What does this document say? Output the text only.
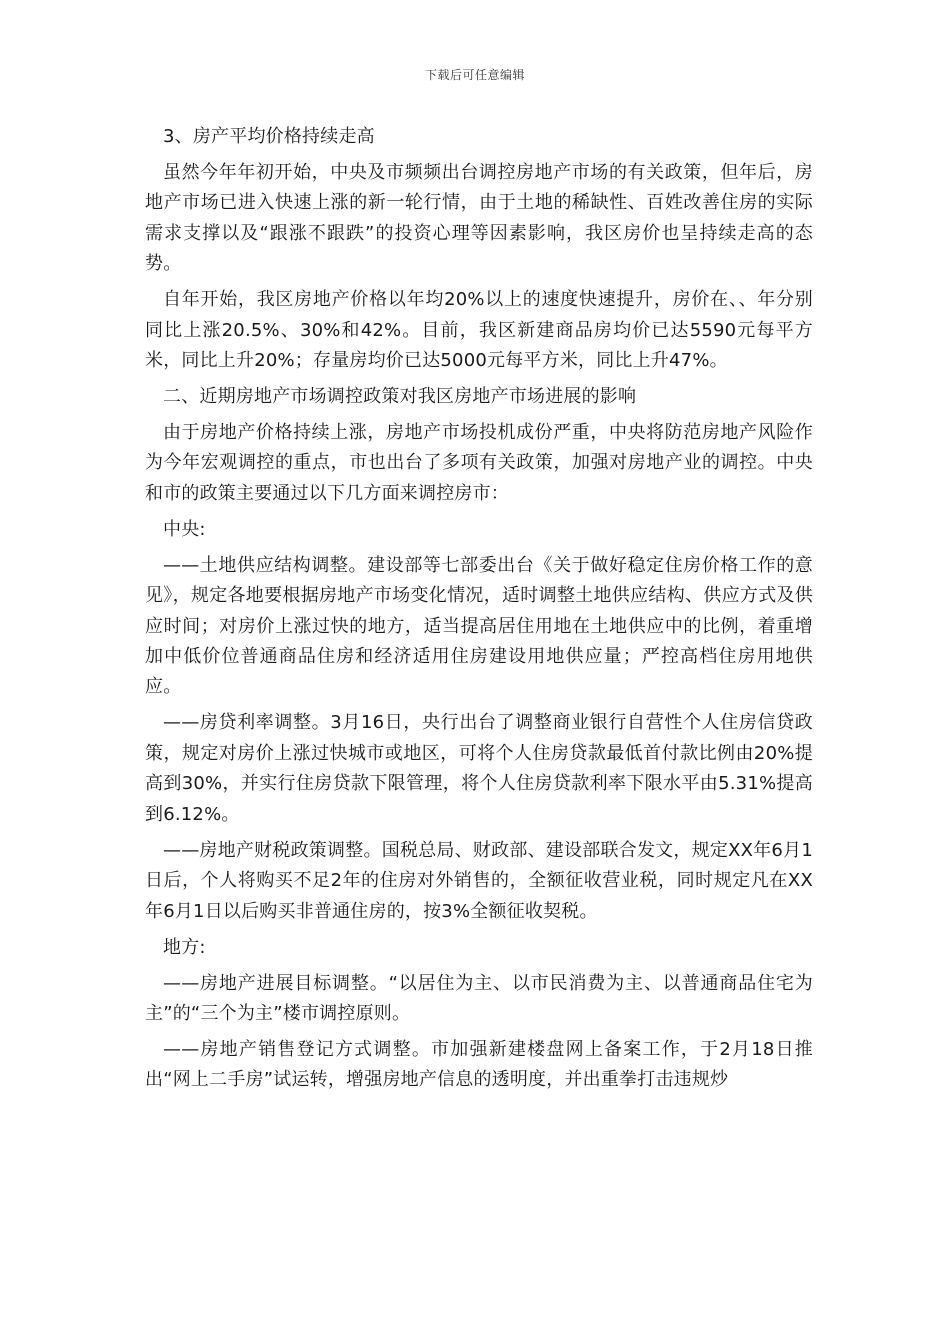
下载后可任意编辑

3、房产平均价格持续走高

虽然今年年初开始，中央及市频频出台调控房地产市场的有关政策，但年后，房地产市场已进入快速上涨的新一轮行情，由于土地的稀缺性、百姓改善住房的实际需求支撑以及“跟涨不跟跌”的投资心理等因素影响，我区房价也呈持续走高的态势。

自年开始，我区房地产价格以年均20%以上的速度快速提升，房价在、、年分别同比上涨20.5%、30%和42%。目前，我区新建商品房均价已达5590元每平方米，同比上升20%；存量房均价已达5000元每平方米，同比上升47%。

二、近期房地产市场调控政策对我区房地产市场进展的影响

由于房地产价格持续上涨，房地产市场投机成份严重，中央将防范房地产风险作为今年宏观调控的重点，市也出台了多项有关政策，加强对房地产业的调控。中央和市的政策主要通过以下几方面来调控房市：

中央:

——土地供应结构调整。建设部等七部委出台《关于做好稳定住房价格工作的意见》，规定各地要根据房地产市场变化情况，适时调整土地供应结构、供应方式及供应时间；对房价上涨过快的地方，适当提高居住用地在土地供应中的比例，着重增加中低价位普通商品住房和经济适用住房建设用地供应量；严控高档住房用地供应。

——房贷利率调整。3月16日，央行出台了调整商业银行自营性个人住房信贷政策，规定对房价上涨过快城市或地区，可将个人住房贷款最低首付款比例由20%提高到30%，并实行住房贷款下限管理，将个人住房贷款利率下限水平由5.31%提高到6.12%。

——房地产财税政策调整。国税总局、财政部、建设部联合发文，规定XX年6月1日后，个人将购买不足2年的住房对外销售的，全额征收营业税，同时规定凡在XX年6月1日以后购买非普通住房的，按3%全额征收契税。

地方:

——房地产进展目标调整。“以居住为主、以市民消费为主、以普通商品住宅为主”的“三个为主”楼市调控原则。

——房地产销售登记方式调整。市加强新建楼盘网上备案工作，于2月18日推出“网上二手房”试运转，增强房地产信息的透明度，并出重拳打击违规炒
